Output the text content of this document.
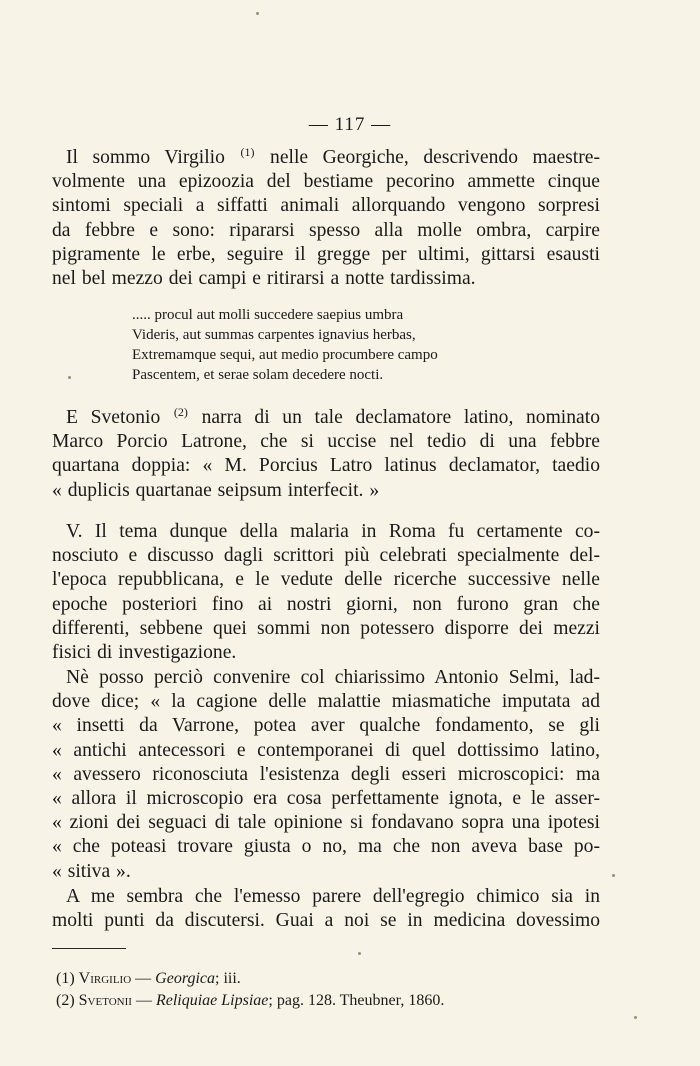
— 117 —
Il sommo Virgilio $^{(1)}$ nelle Georgiche, descrivendo maestre-
volmente una epizoozia del bestiame pecorino ammette cinque
sintomi speciali a siffatti animali allorquando vengono sorpresi
da febbre e sono: ripararsi spesso alla molle ombra, carpire
pigramente le erbe, seguire il gregge per ultimi, gittarsi esausti
nel bel mezzo dei campi e ritirarsi a notte tardissima.
..... procul aut molli succedere saepius umbra
Videris, aut summas carpentes ignavius herbas,
Extremamque sequi, aut medio procumbere campo
Pascentem, et serae solam decedere nocti.
E Svetonio $^{(2)}$ narra di un tale declamatore latino, nominato
Marco Porcio Latrone, che si uccise nel tedio di una febbre
quartana doppia: « M. Porcius Latro latinus declamator, taedio
« duplicis quartanae seipsum interfecit. »
V. Il tema dunque della malaria in Roma fu certamente co-
nosciuto e discusso dagli scrittori più celebrati specialmente del-
l'epoca repubblicana, e le vedute delle ricerche successive nelle
epoche posteriori fino ai nostri giorni, non furono gran che
differenti, sebbene quei sommi non potessero disporre dei mezzi
fisici di investigazione.
Nè posso perciò convenire col chiarissimo Antonio Selmi, lad-
dove dice; « la cagione delle malattie miasmatiche imputata ad
« insetti da Varrone, potea aver qualche fondamento, se gli
« antichi antecessori e contemporanei di quel dottissimo latino,
« avessero riconosciuta l'esistenza degli esseri microscopici: ma
« allora il microscopio era cosa perfettamente ignota, e le asser-
« zioni dei seguaci di tale opinione si fondavano sopra una ipotesi
« che poteasi trovare giusta o no, ma che non aveva base po-
« sitiva ».
A me sembra che l'emesso parere dell'egregio chimico sia in
molti punti da discutersi. Guai a noi se in medicina dovessimo
(1) Virgilio — Georgica; iii.
(2) Svetonii — Reliquiae Lipsiae; pag. 128. Theubner, 1860.
